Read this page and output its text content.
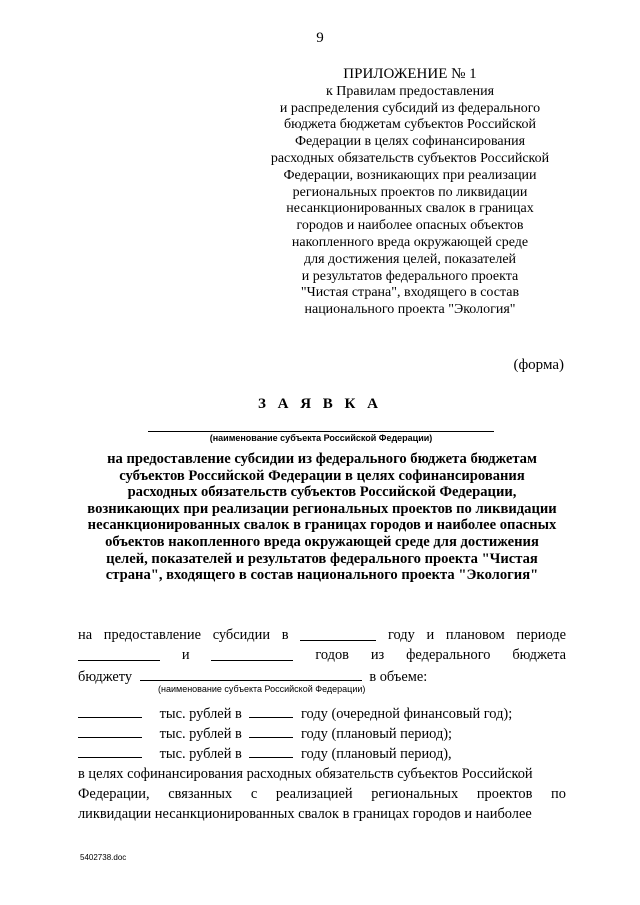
9
ПРИЛОЖЕНИЕ № 1
к Правилам предоставления
и распределения субсидий из федерального
бюджета бюджетам субъектов Российской
Федерации в целях софинансирования
расходных обязательств субъектов Российской
Федерации, возникающих при реализации
региональных проектов по ликвидации
несанкционированных свалок в границах
городов и наиболее опасных объектов
накопленного вреда окружающей среде
для достижения целей, показателей
и результатов федерального проекта
"Чистая страна", входящего в состав
национального проекта "Экология"
(форма)
З А Я В К А
(наименование субъекта Российской Федерации)
на предоставление субсидии из федерального бюджета бюджетам
субъектов Российской Федерации в целях софинансирования
расходных обязательств субъектов Российской Федерации,
возникающих при реализации региональных проектов по ликвидации
несанкционированных свалок в границах городов и наиболее опасных
объектов накопленного вреда окружающей среде для достижения
целей, показателей и результатов федерального проекта "Чистая
страна", входящего в состав национального проекта "Экология"
на предоставление субсидии в	году и плановом периоде
и	годов из федерального бюджета
бюджету	в объеме:
(наименование субъекта Российской Федерации)
тыс. рублей в	году (очередной финансовый год);
тыс. рублей в	году (плановый период);
тыс. рублей в	году (плановый период),
в целях софинансирования расходных обязательств субъектов Российской
Федерации, связанных с реализацией региональных проектов по
ликвидации несанкционированных свалок в границах городов и наиболее
5402738.doc
